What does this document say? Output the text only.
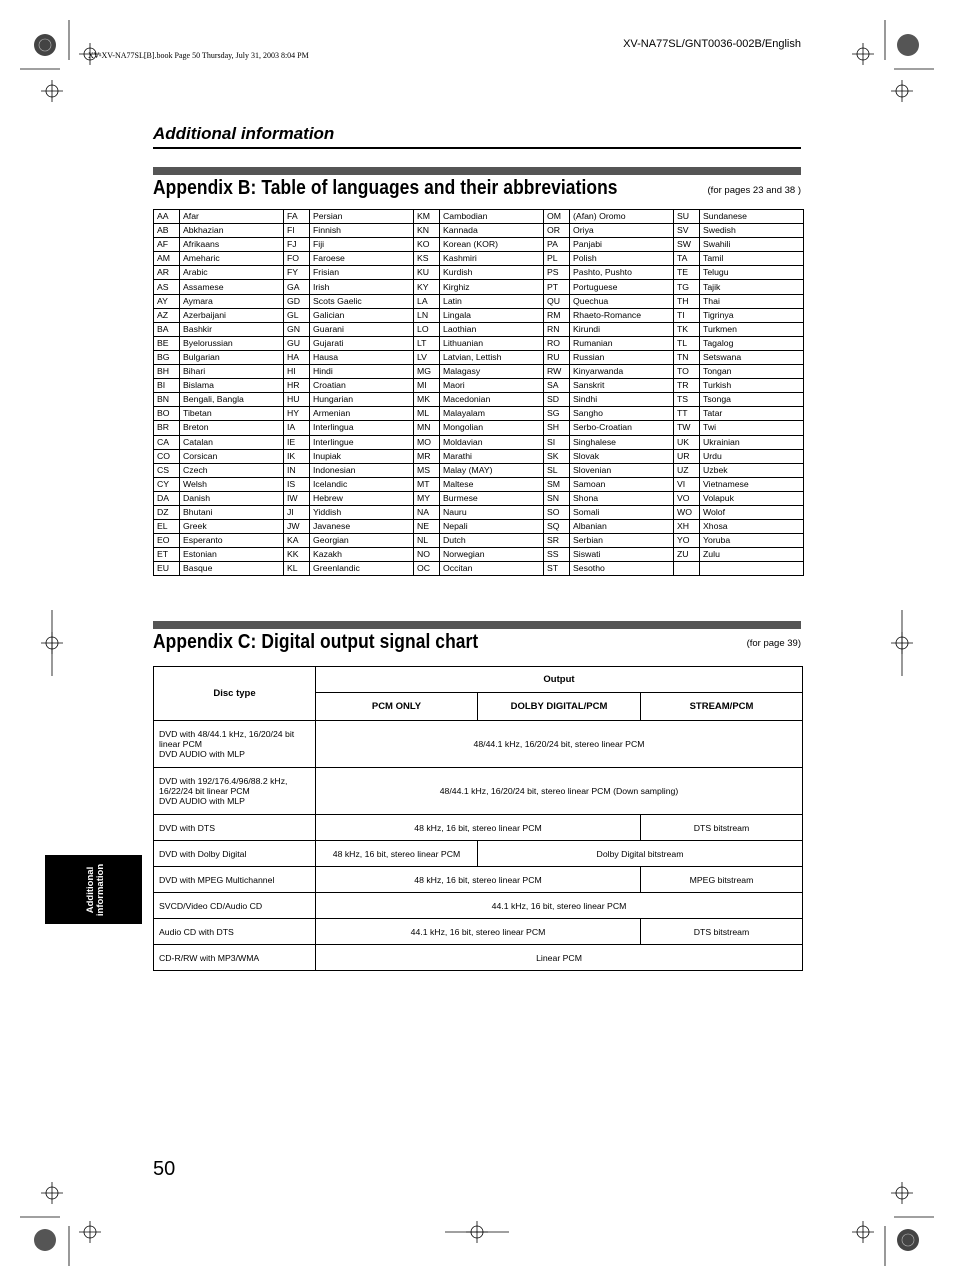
XV-XV-NA77SL[B].book Page 50 Thursday, July 31, 2003 8:04 PM
XV-NA77SL/GNT0036-002B/English
Additional information
Appendix B: Table of languages and their abbreviations	(for pages 23 and 38 )
AA	Afar	FA	Persian	KM	Cambodian	OM	(Afan) Oromo	SU	Sundanese
AB	Abkhazian	FI	Finnish	KN	Kannada	OR	Oriya	SV	Swedish
AF	Afrikaans	FJ	Fiji	KO	Korean (KOR)	PA	Panjabi	SW	Swahili
AM	Ameharic	FO	Faroese	KS	Kashmiri	PL	Polish	TA	Tamil
AR	Arabic	FY	Frisian	KU	Kurdish	PS	Pashto, Pushto	TE	Telugu
AS	Assamese	GA	Irish	KY	Kirghiz	PT	Portuguese	TG	Tajik
AY	Aymara	GD	Scots Gaelic	LA	Latin	QU	Quechua	TH	Thai
AZ	Azerbaijani	GL	Galician	LN	Lingala	RM	Rhaeto-Romance	TI	Tigrinya
BA	Bashkir	GN	Guarani	LO	Laothian	RN	Kirundi	TK	Turkmen
BE	Byelorussian	GU	Gujarati	LT	Lithuanian	RO	Rumanian	TL	Tagalog
BG	Bulgarian	HA	Hausa	LV	Latvian, Lettish	RU	Russian	TN	Setswana
BH	Bihari	HI	Hindi	MG	Malagasy	RW	Kinyarwanda	TO	Tongan
BI	Bislama	HR	Croatian	MI	Maori	SA	Sanskrit	TR	Turkish
BN	Bengali, Bangla	HU	Hungarian	MK	Macedonian	SD	Sindhi	TS	Tsonga
BO	Tibetan	HY	Armenian	ML	Malayalam	SG	Sangho	TT	Tatar
BR	Breton	IA	Interlingua	MN	Mongolian	SH	Serbo-Croatian	TW	Twi
CA	Catalan	IE	Interlingue	MO	Moldavian	SI	Singhalese	UK	Ukrainian
CO	Corsican	IK	Inupiak	MR	Marathi	SK	Slovak	UR	Urdu
CS	Czech	IN	Indonesian	MS	Malay (MAY)	SL	Slovenian	UZ	Uzbek
CY	Welsh	IS	Icelandic	MT	Maltese	SM	Samoan	VI	Vietnamese
DA	Danish	IW	Hebrew	MY	Burmese	SN	Shona	VO	Volapuk
DZ	Bhutani	JI	Yiddish	NA	Nauru	SO	Somali	WO	Wolof
EL	Greek	JW	Javanese	NE	Nepali	SQ	Albanian	XH	Xhosa
EO	Esperanto	KA	Georgian	NL	Dutch	SR	Serbian	YO	Yoruba
ET	Estonian	KK	Kazakh	NO	Norwegian	SS	Siswati	ZU	Zulu
EU	Basque	KL	Greenlandic	OC	Occitan	ST	Sesotho		
Appendix C: Digital output signal chart	(for page 39)
Disc type	Output		
	PCM ONLY	DOLBY DIGITAL/PCM	STREAM/PCM

DVD with 48/44.1 kHz, 16/20/24 bit
linear PCM
DVD AUDIO with MLP	48/44.1 kHz, 16/20/24 bit, stereo linear PCM		

DVD with 192/176.4/96/88.2 kHz,
16/22/24 bit linear PCM
DVD AUDIO with MLP	48/44.1 kHz, 16/20/24 bit, stereo linear PCM (Down sampling)		

DVD with DTS	48 kHz, 16 bit, stereo linear PCM		DTS bitstream

DVD with Dolby Digital	48 kHz, 16 bit, stereo linear PCM	Dolby Digital bitstream	

DVD with MPEG Multichannel	48 kHz, 16 bit, stereo linear PCM		MPEG bitstream

SVCD/Video CD/Audio CD	44.1 kHz, 16 bit, stereo linear PCM		

Audio CD with DTS	44.1 kHz, 16 bit, stereo linear PCM		DTS bitstream

CD-R/RW with MP3/WMA	Linear PCM		
Additional information
50
